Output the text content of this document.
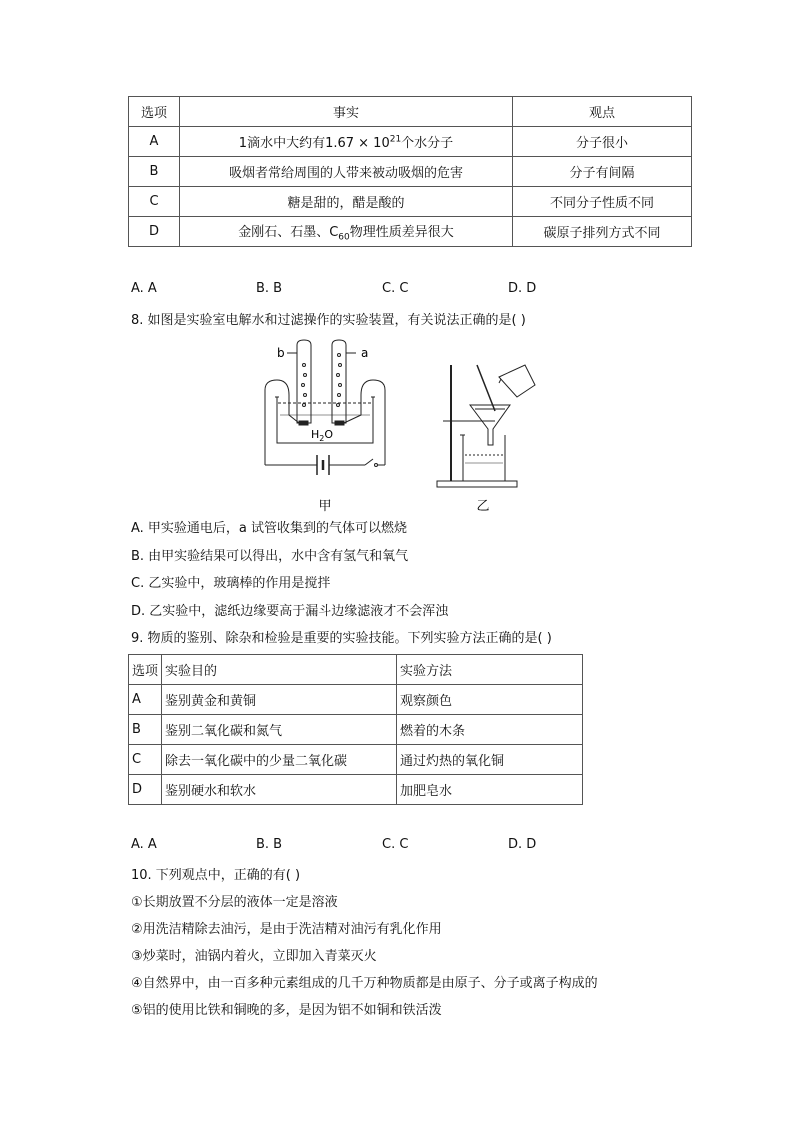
选项	事实	观点
A	1滴水中大约有$1.67 \times 10^{21}$个水分子	分子很小
B	吸烟者常给周围的人带来被动吸烟的危害	分子有间隔
C	糖是甜的，醋是酸的	不同分子性质不同
D	金刚石、石墨、$C_{60}$物理性质差异很大	碳原子排列方式不同
A. A	B. B	C. C	D. D
8. 如图是实验室电解水和过滤操作的实验装置，有关说法正确的是( )
b	a
$H_2O$
甲	乙
A. 甲实验通电后，a 试管收集到的气体可以燃烧
B. 由甲实验结果可以得出，水中含有氢气和氧气
C. 乙实验中，玻璃棒的作用是搅拌
D. 乙实验中，滤纸边缘要高于漏斗边缘滤液才不会浑浊
9. 物质的鉴别、除杂和检验是重要的实验技能。下列实验方法正确的是( )
选项	实验目的	实验方法
A	鉴别黄金和黄铜	观察颜色
B	鉴别二氧化碳和氮气	燃着的木条
C	除去一氧化碳中的少量二氧化碳	通过灼热的氧化铜
D	鉴别硬水和软水	加肥皂水
A. A	B. B	C. C	D. D
10. 下列观点中，正确的有( )
①长期放置不分层的液体一定是溶液
②用洗洁精除去油污，是由于洗洁精对油污有乳化作用
③炒菜时，油锅内着火，立即加入青菜灭火
④自然界中，由一百多种元素组成的几千万种物质都是由原子、分子或离子构成的
⑤铝的使用比铁和铜晚的多，是因为铝不如铜和铁活泼
